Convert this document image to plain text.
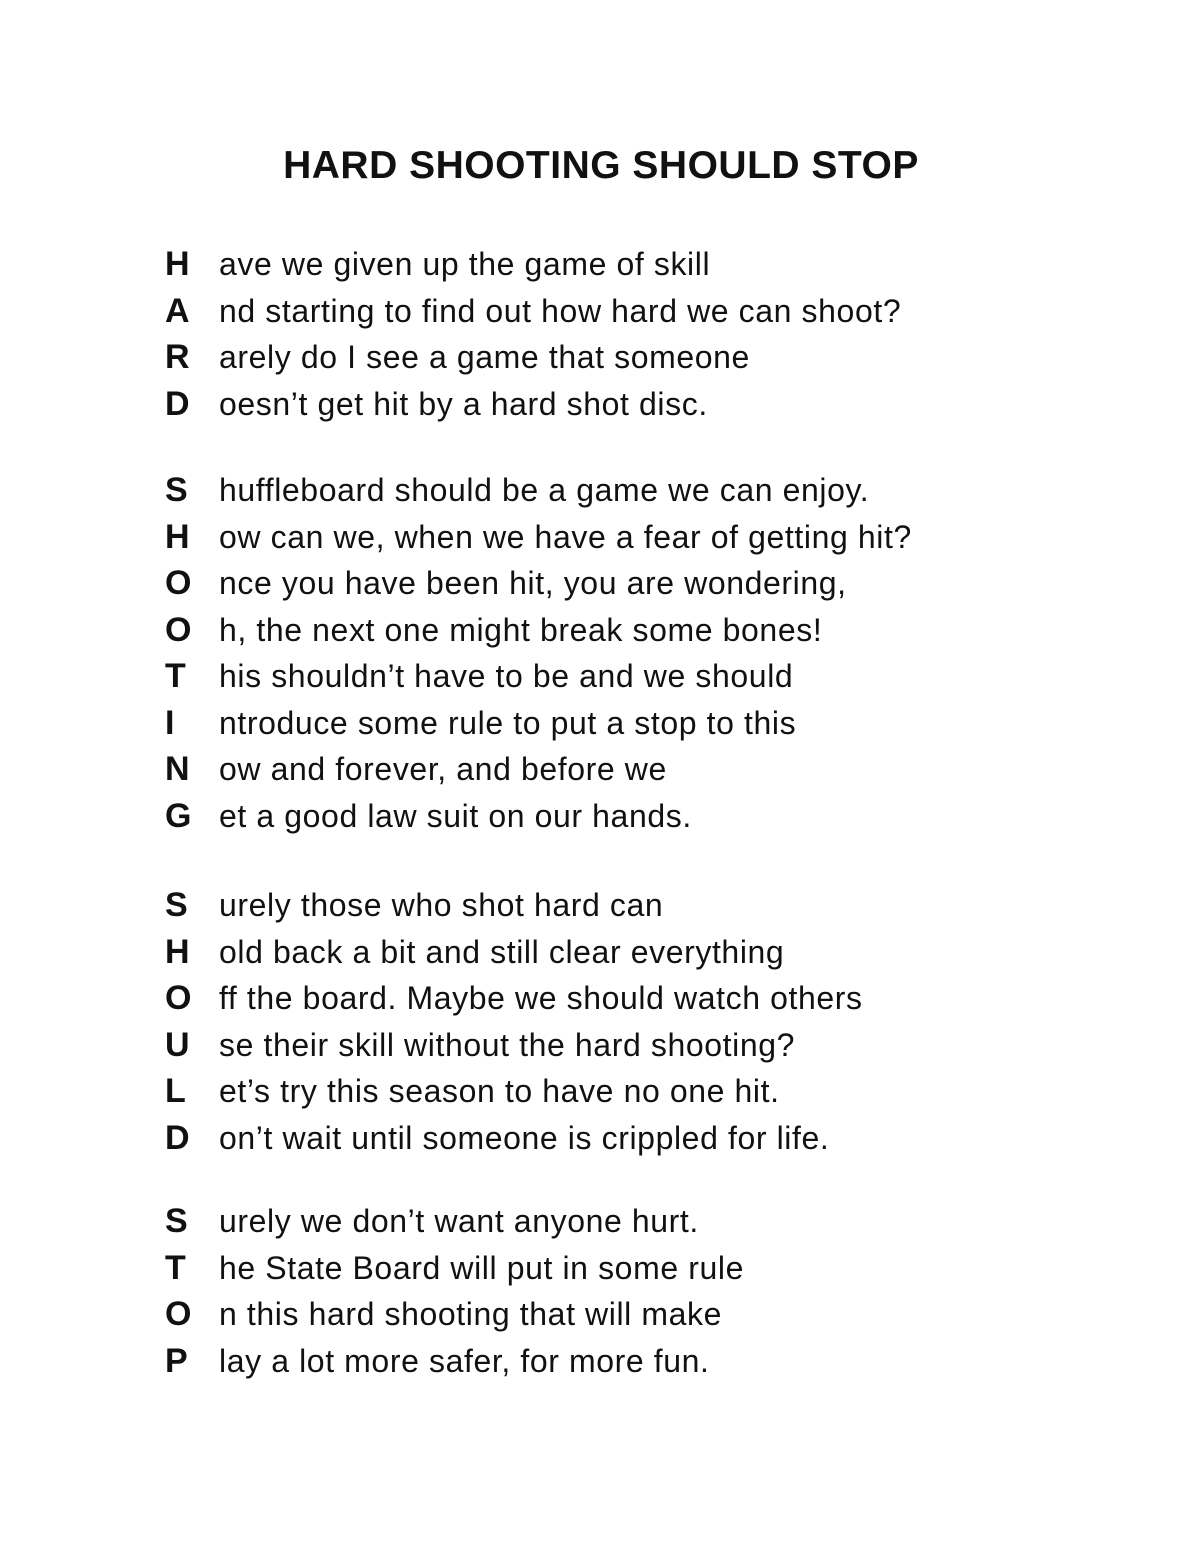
HARD SHOOTING SHOULD STOP
H ave we given up the game of skill
A nd starting to find out how hard we can shoot?
R arely do I see a game that someone
D oesn’t get hit by a hard shot disc.
S huffleboard should be a game we can enjoy.
H ow can we, when we have a fear of getting hit?
O nce you have been hit, you are wondering,
O h, the next one might break some bones!
T his shouldn’t have to be and we should
I ntroduce some rule to put a stop to this
N ow and forever, and before we
G et a good law suit on our hands.
S urely those who shot hard can
H old back a bit and still clear everything
O ff the board. Maybe we should watch others
U se their skill without the hard shooting?
L et’s try this season to have no one hit.
D on’t wait until someone is crippled for life.
S urely we don’t want anyone hurt.
T he State Board will put in some rule
O n this hard shooting that will make
P lay a lot more safer, for more fun.
